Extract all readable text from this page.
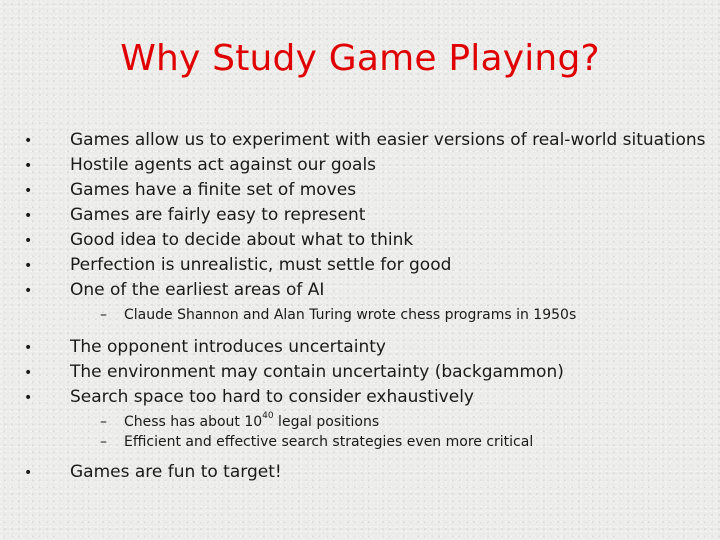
Why Study Game Playing?
•	Games allow us to experiment with easier versions of real-world situations
•	Hostile agents act against our goals
•	Games have a finite set of moves
•	Games are fairly easy to represent
•	Good idea to decide about what to think
•	Perfection is unrealistic, must settle for good
•	One of the earliest areas of AI
–	Claude Shannon and Alan Turing wrote chess programs in 1950s
•	The opponent introduces uncertainty
•	The environment may contain uncertainty (backgammon)
•	Search space too hard to consider exhaustively
–	Chess has about $10^{40}$ legal positions
–	Efficient and effective search strategies even more critical
•	Games are fun to target!
